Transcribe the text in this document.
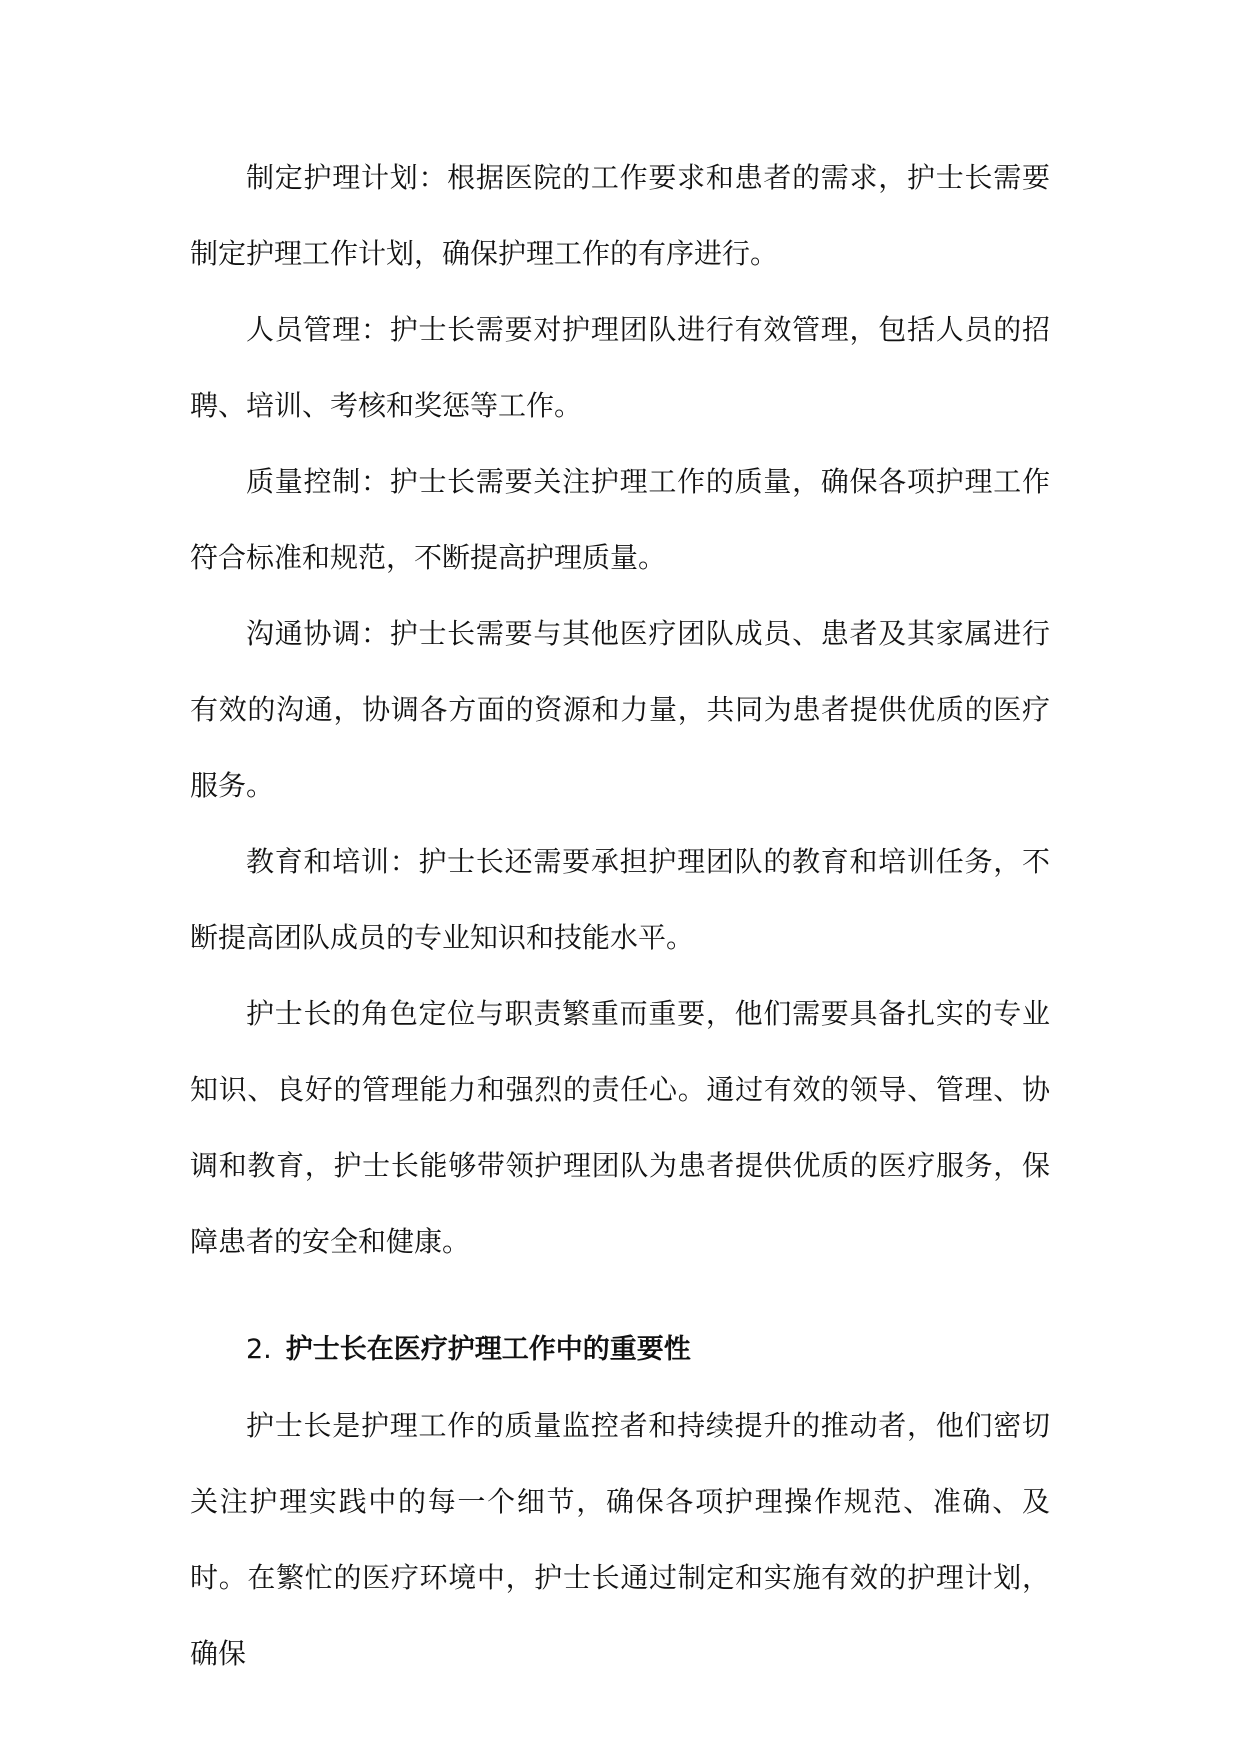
制定护理计划：根据医院的工作要求和患者的需求，护士长需要制定护理工作计划，确保护理工作的有序进行。

人员管理：护士长需要对护理团队进行有效管理，包括人员的招聘、培训、考核和奖惩等工作。

质量控制：护士长需要关注护理工作的质量，确保各项护理工作符合标准和规范，不断提高护理质量。

沟通协调：护士长需要与其他医疗团队成员、患者及其家属进行有效的沟通，协调各方面的资源和力量，共同为患者提供优质的医疗服务。

教育和培训：护士长还需要承担护理团队的教育和培训任务，不断提高团队成员的专业知识和技能水平。

护士长的角色定位与职责繁重而重要，他们需要具备扎实的专业知识、良好的管理能力和强烈的责任心。通过有效的领导、管理、协调和教育，护士长能够带领护理团队为患者提供优质的医疗服务，保障患者的安全和健康。

2. 护士长在医疗护理工作中的重要性

护士长是护理工作的质量监控者和持续提升的推动者，他们密切关注护理实践中的每一个细节，确保各项护理操作规范、准确、及时。在繁忙的医疗环境中，护士长通过制定和实施有效的护理计划，确保
